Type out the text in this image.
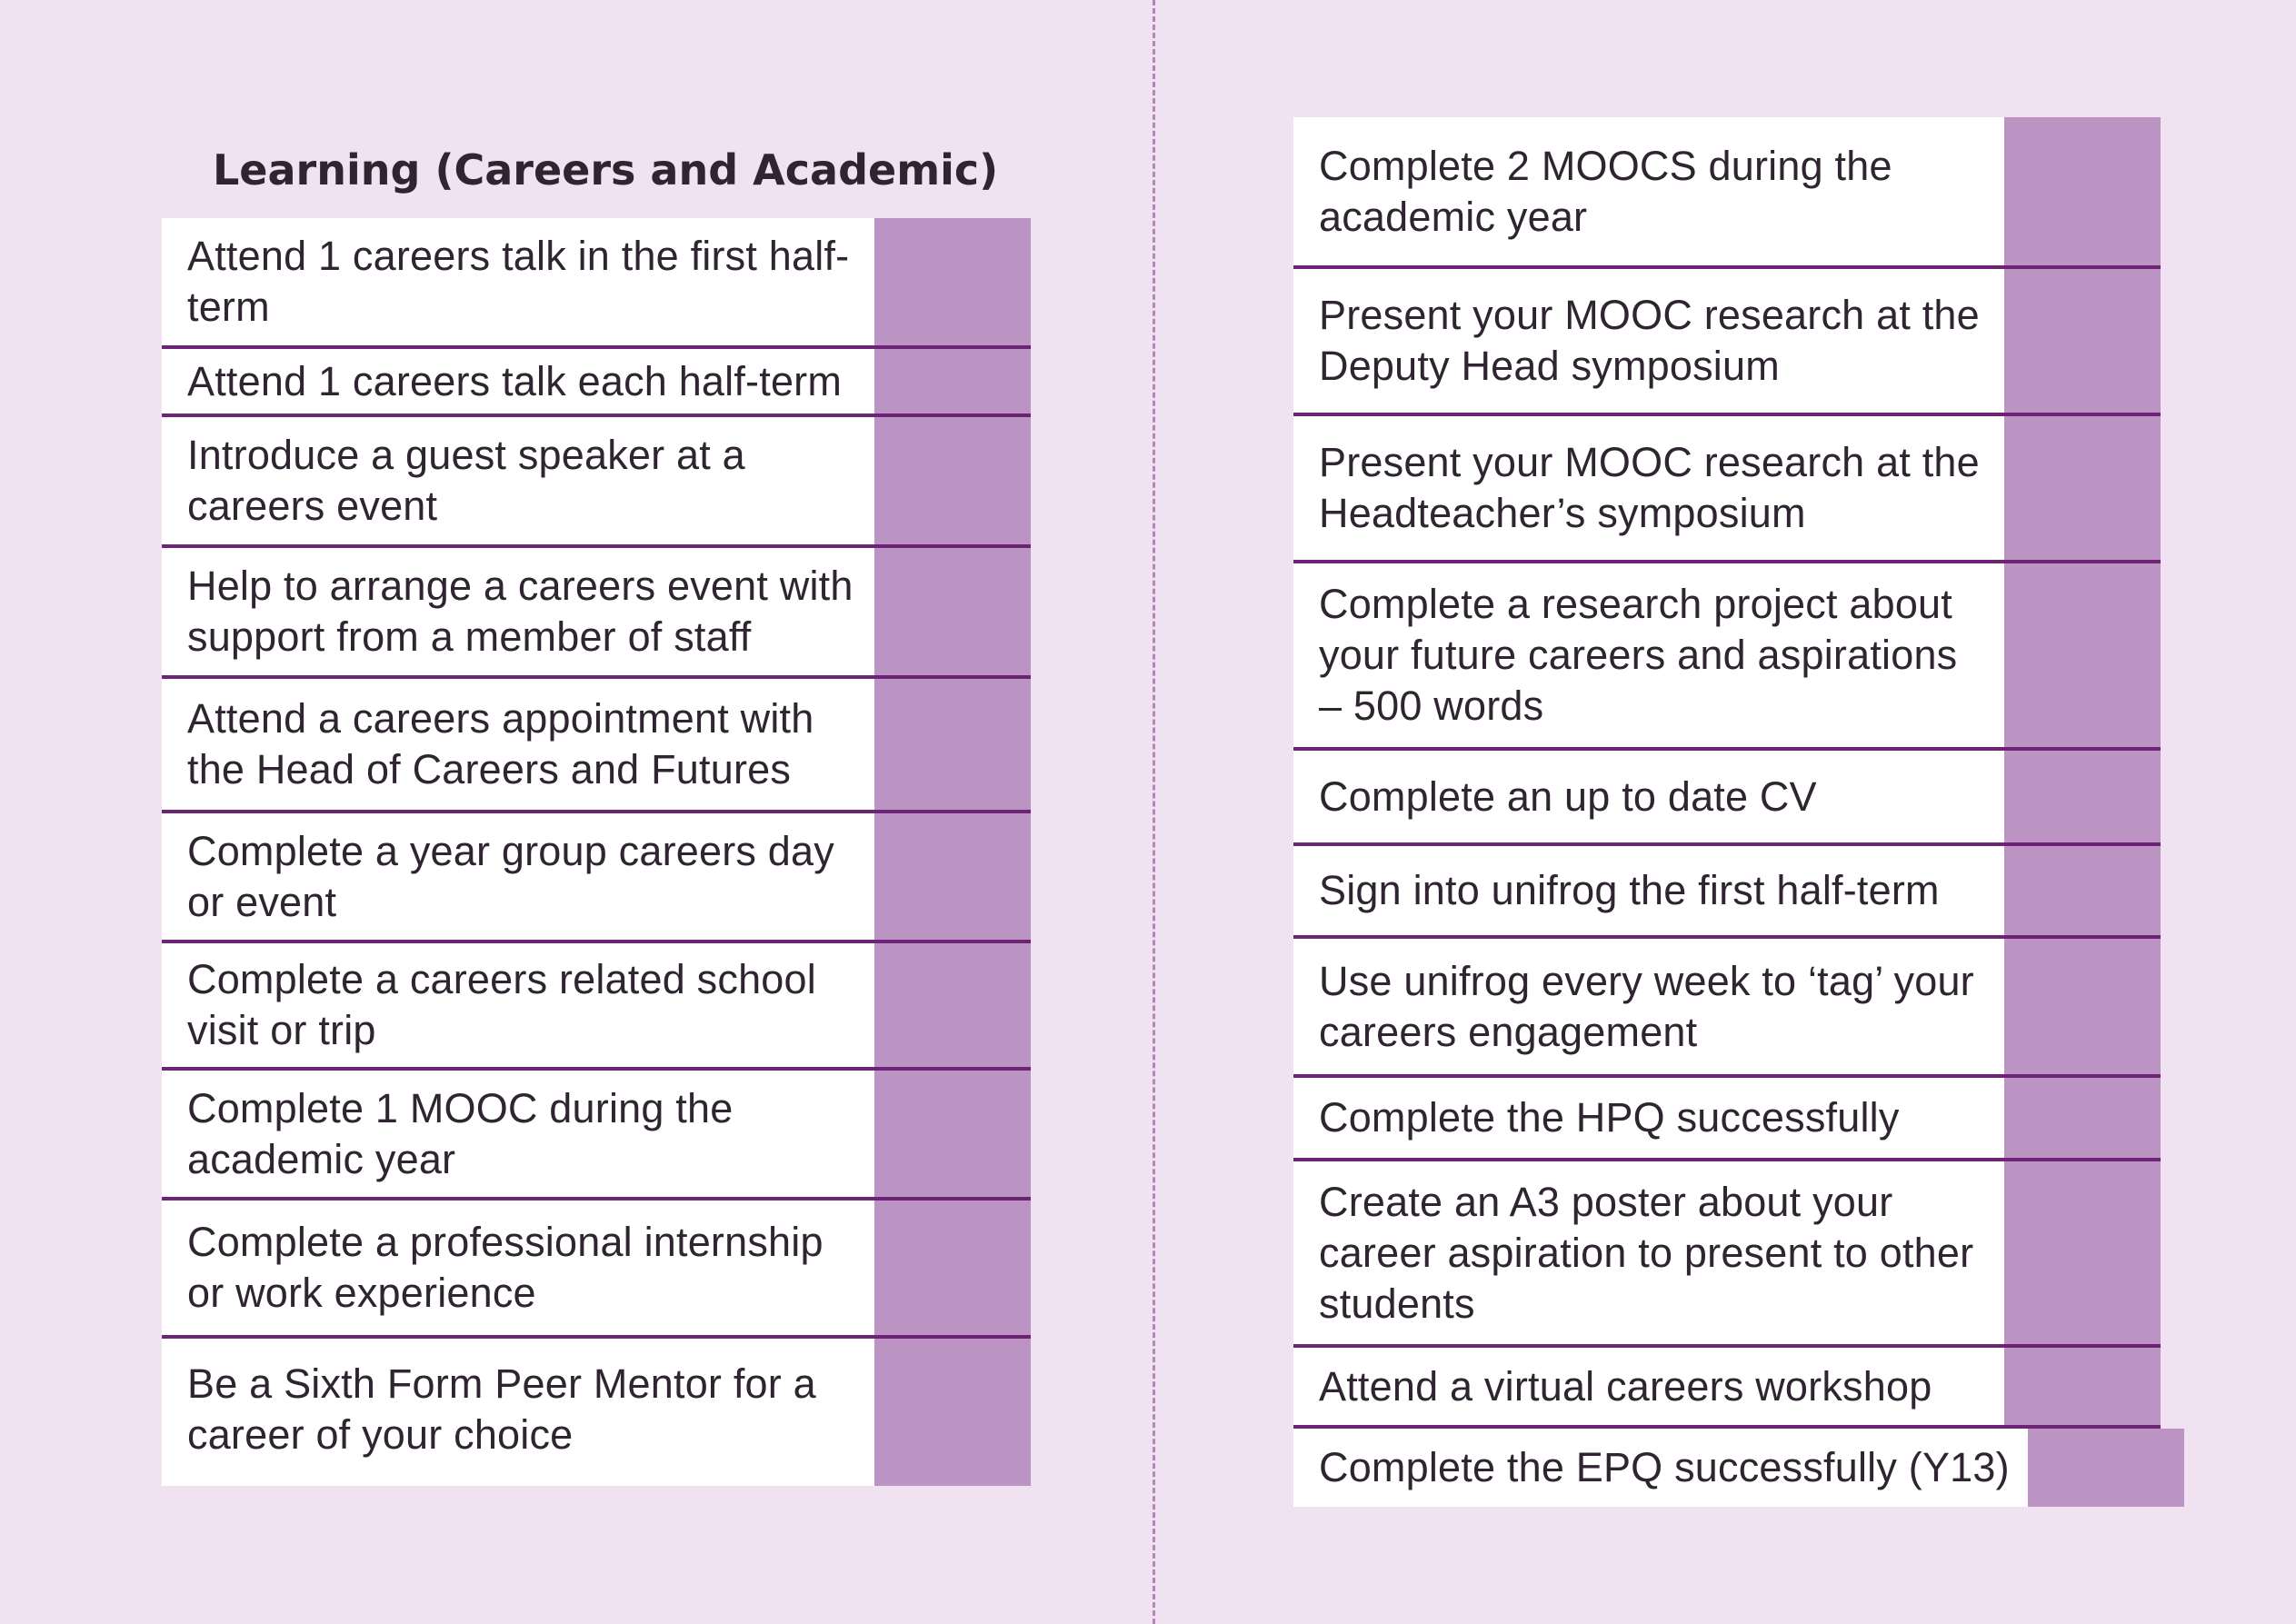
Learning (Careers and Academic)
Attend 1 careers talk in the first half-term
Attend 1 careers talk each half-term
Introduce a guest speaker at a careers event
Help to arrange a careers event with support from a member of staff
Attend a careers appointment with the Head of Careers and Futures
Complete a year group careers day or event
Complete a careers related school visit or trip
Complete 1 MOOC during the academic year
Complete a professional internship or work experience
Be a Sixth Form Peer Mentor for a career of your choice
Complete 2 MOOCS during the academic year
Present your MOOC research at the Deputy Head symposium
Present your MOOC research at the Headteacher’s symposium
Complete a research project about your future careers and aspirations – 500 words
Complete an up to date CV
Sign into unifrog the first half-term
Use unifrog every week to ‘tag’ your careers engagement
Complete the HPQ successfully
Create an A3 poster about your career aspiration to present to other students
Attend a virtual careers workshop
Complete the EPQ successfully (Y13)
